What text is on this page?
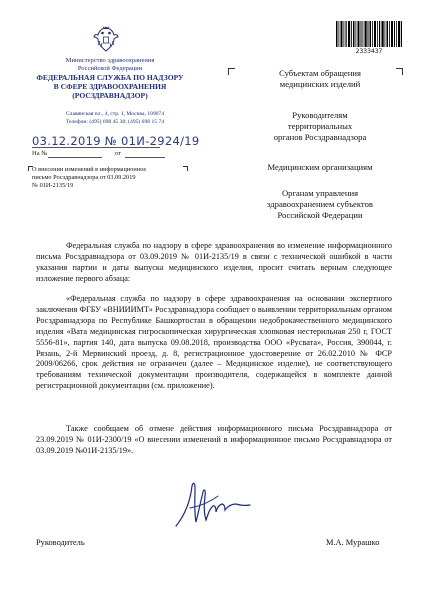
Министерство здравоохранения
Российской Федерации
ФЕДЕРАЛЬНАЯ СЛУЖБА ПО НАДЗОРУ
В СФЕРЕ ЗДРАВООХРАНЕНИЯ
(РОСЗДРАВНАДЗОР)
Славянская пл., 4, стр. 1, Москва, 109074
Телефон: (495) 698 45 38; (495) 698 15 74
03.12.2019 № 01И-2924/19
На №	от
О внесении изменений в информационное
письмо Росздравнадзора от 03.09.2019
№ 01И-2135/19
2333437
Субъектам обращения
медицинских изделий
Руководителям
территориальных
органов Росздравнадзора
Медицинским организациям
Органам управления
здравоохранением субъектов
Российской Федерации
Федеральная служба по надзору в сфере здравоохранения во изменение информационного письма Росздравнадзора от 03.09.2019 № 01И-2135/19 в связи с технической ошибкой в части указания партии и даты выпуска медицинского изделия, просит считать верным следующее изложение первого абзаца:
«Федеральная служба по надзору в сфере здравоохранения на основании экспертного заключения ФГБУ «ВНИИИМТ» Росздравнадзора сообщает о выявлении территориальным органом Росздравнадзора по Республике Башкортостан в обращении недоброкачественного медицинского изделия «Вата медицинская гигроскопическая хирургическая хлопковая нестерильная 250 г, ГОСТ 5556-81», партия 140, дата выпуска 09.08.2018, производства ООО «Русвата», Россия, 390044, г. Рязань, 2-й Мервинский проезд, д. 8, регистрационное удостоверение от 26.02.2010 № ФСР 2009/06266, срок действия не ограничен (далее – Медицинское изделие), не соответствующего требованиям технической документации производителя, содержащейся в комплекте данной регистрационной документации (см. приложение).
Также сообщаем об отмене действия информационного письма Росздравнадзора от 23.09.2019 № 01И-2300/19 «О внесении изменений в информационное письмо Росздравнадзора от 03.09.2019 №01И-2135/19».
Руководитель	М.А. Мурашко
